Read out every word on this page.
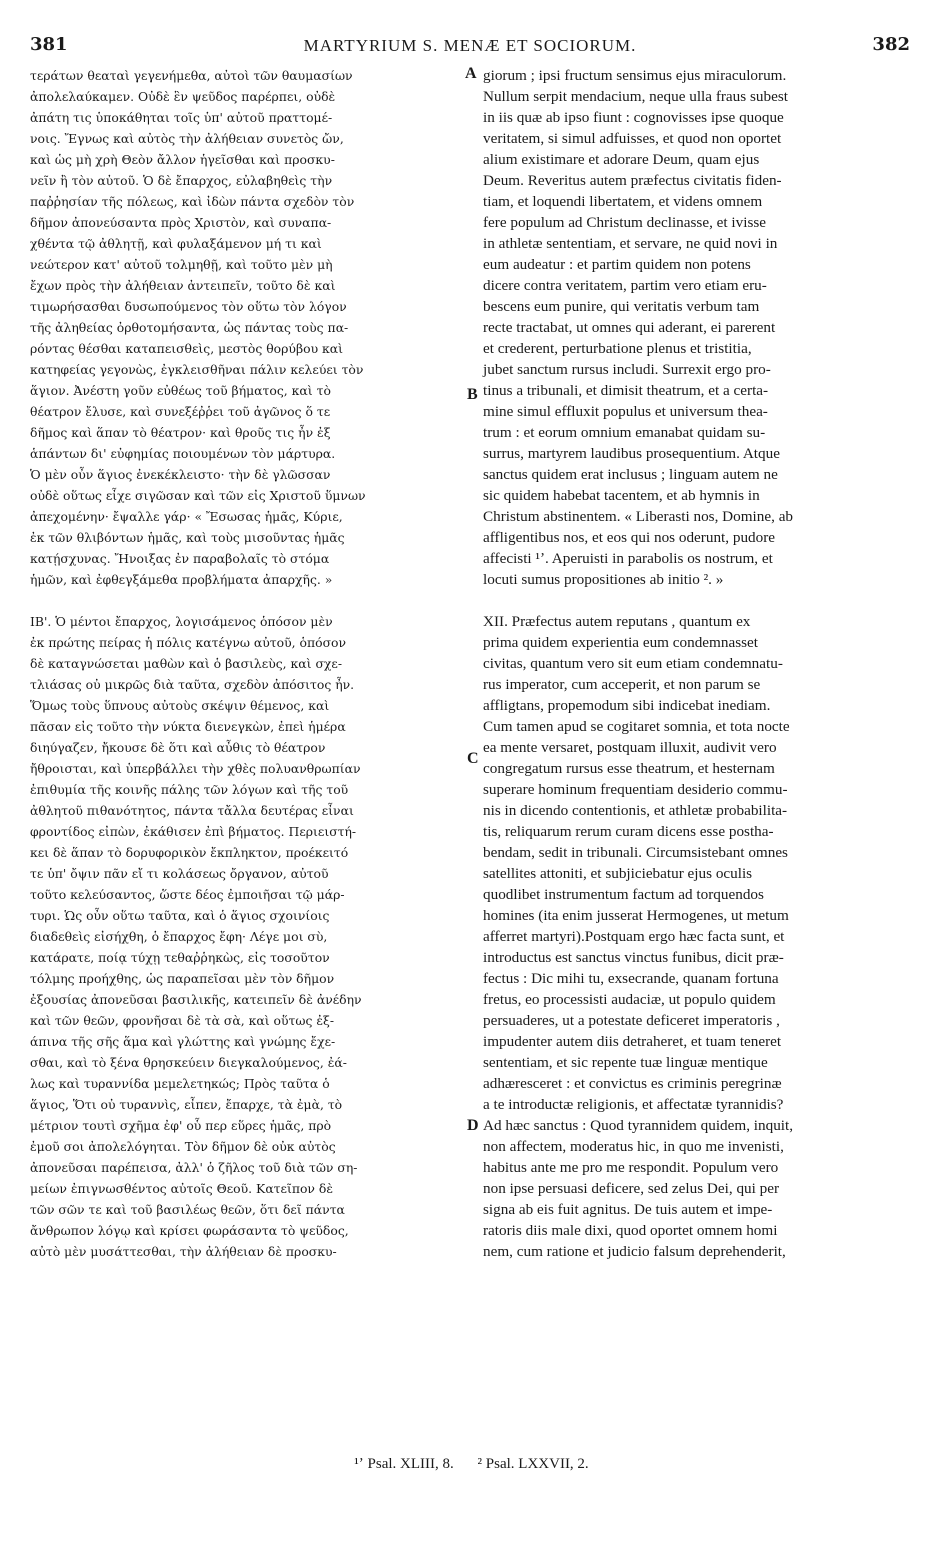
381	MARTYRIUM S. MENÆ ET SOCIORUM.	382
τεράτων θεαταὶ γεγενήμεθα, αὐτοὶ τῶν θαυμασίων
ἀπολελαύκαμεν. Οὐδὲ ἓν ψεῦδος παρέρπει, οὐδὲ
ἀπάτη τις ὑποκάθηται τοῖς ὑπ' αὐτοῦ πραττομέ-
νοις. Ἔγνως καὶ αὐτὸς τὴν ἀλήθειαν συνετὸς ὤν,
καὶ ὡς μὴ χρὴ Θεὸν ἄλλον ἡγεῖσθαι καὶ προσκυ-
νεῖν ἢ τὸν αὐτοῦ. Ὁ δὲ ἔπαρχος, εὐλαβηθεὶς τὴν
παῤῥησίαν τῆς πόλεως, καὶ ἰδὼν πάντα σχεδὸν τὸν
δῆμον ἀπονεύσαντα πρὸς Χριστὸν, καὶ συναπα-
χθέντα τῷ ἀθλητῇ, καὶ φυλαξάμενον μή τι καὶ
νεώτερον κατ' αὐτοῦ τολμηθῇ, καὶ τοῦτο μὲν μὴ
ἔχων πρὸς τὴν ἀλήθειαν ἀντειπεῖν, τοῦτο δὲ καὶ
τιμωρήσασθαι δυσωπούμενος τὸν οὕτω τὸν λόγον
τῆς ἀληθείας ὀρθοτομήσαντα, ὡς πάντας τοὺς πα-
ρόντας θέσθαι καταπεισθεὶς, μεστὸς θορύβου καὶ
κατηφείας γεγονὼς, ἐγκλεισθῆναι πάλιν κελεύει τὸν
ἅγιον. Ἀνέστη γοῦν εὐθέως τοῦ βήματος, καὶ τὸ
θέατρον ἔλυσε, καὶ συνεξέῤῥει τοῦ ἀγῶνος ὅ τε
δῆμος καὶ ἅπαν τὸ θέατρον· καὶ θροῦς τις ἦν ἐξ
ἁπάντων δι' εὐφημίας ποιουμένων τὸν μάρτυρα.
Ὁ μὲν οὖν ἅγιος ἐνεκέκλειστο· τὴν δὲ γλῶσσαν
οὐδὲ οὕτως εἶχε σιγῶσαν καὶ τῶν εἰς Χριστοῦ ὕμνων
ἀπεχομένην· ἔψαλλε γάρ· « Ἔσωσας ἡμᾶς, Κύριε,
ἐκ τῶν θλιβόντων ἡμᾶς, καὶ τοὺς μισοῦντας ἡμᾶς
κατῄσχυνας. Ἤνοιξας ἐν παραβολαῖς τὸ στόμα
ἡμῶν, καὶ ἐφθεγξάμεθα προβλήματα ἀπαρχῆς. »
ΙΒ'. Ὁ μέντοι ἔπαρχος, λογισάμενος ὁπόσον μὲν
ἐκ πρώτης πείρας ἡ πόλις κατέγνω αὐτοῦ, ὁπόσον
δὲ καταγνώσεται μαθὼν καὶ ὁ βασιλεὺς, καὶ σχε-
τλιάσας οὐ μικρῶς διὰ ταῦτα, σχεδὸν ἀπόσιτος ἦν.
Ὅμως τοὺς ὕπνους αὐτοὺς σκέψιν θέμενος, καὶ
πᾶσαν εἰς τοῦτο τὴν νύκτα διενεγκὼν, ἐπεὶ ἡμέρα
διηύγαζεν, ἤκουσε δὲ ὅτι καὶ αὖθις τὸ θέατρον
ἤθροισται, καὶ ὑπερβάλλει τὴν χθὲς πολυανθρωπίαν
ἐπιθυμία τῆς κοινῆς πάλης τῶν λόγων καὶ τῆς τοῦ
ἀθλητοῦ πιθανότητος, πάντα τἄλλα δευτέρας εἶναι
φροντίδος εἰπὼν, ἐκάθισεν ἐπὶ βήματος. Περιειστή-
κει δὲ ἅπαν τὸ δορυφορικὸν ἔκπληκτον, προέκειτό
τε ὑπ' ὄψιν πᾶν εἴ τι κολάσεως ὄργανον, αὐτοῦ
τοῦτο κελεύσαντος, ὥστε δέος ἐμποιῆσαι τῷ μάρ-
τυρι. Ὡς οὖν οὕτω ταῦτα, καὶ ὁ ἅγιος σχοινίοις
διαδεθεὶς εἰσήχθη, ὁ ἔπαρχος ἔφη· Λέγε μοι σὺ,
κατάρατε, ποίᾳ τύχῃ τεθαῤῥηκὼς, εἰς τοσοῦτον
τόλμης προήχθης, ὡς παραπεῖσαι μὲν τὸν δῆμον
ἐξουσίας ἀπονεῦσαι βασιλικῆς, κατειπεῖν δὲ ἀνέδην
καὶ τῶν θεῶν, φρονῆσαι δὲ τὰ σὰ, καὶ οὕτως ἐξ-
άπινα τῆς σῆς ἅμα καὶ γλώττης καὶ γνώμης ἔχε-
σθαι, καὶ τὸ ξένα θρησκεύειν διεγκαλούμενος, ἐά-
λως καὶ τυραννίδα μεμελετηκώς; Πρὸς ταῦτα ὁ
ἅγιος, Ὅτι οὐ τυραννὶς, εἶπεν, ἔπαρχε, τὰ ἐμὰ, τὸ
μέτριον τουτὶ σχῆμα ἐφ' οὗ περ εὕρες ἡμᾶς, πρὸ
ἐμοῦ σοι ἀπολελόγηται. Τὸν δῆμον δὲ οὐκ αὐτὸς
ἀπονεῦσαι παρέπεισα, ἀλλ' ὁ ζῆλος τοῦ διὰ τῶν ση-
μείων ἐπιγνωσθέντος αὐτοῖς Θεοῦ. Κατεῖπον δὲ
τῶν σῶν τε καὶ τοῦ βασιλέως θεῶν, ὅτι δεῖ πάντα
ἄνθρωπον λόγῳ καὶ κρίσει φωράσαντα τὸ ψεῦδος,
αὐτὸ μὲν μυσάττεσθαι, τὴν ἀλήθειαν δὲ προσκυ-
giorum ; ipsi fructum sensimus ejus miraculorum.
Nullum serpit mendacium, neque ulla fraus subest
in iis quæ ab ipso fiunt : cognovisses ipse quoque
veritatem, si simul adfuisses, et quod non oportet
alium existimare et adorare Deum, quam ejus
Deum. Reveritus autem præfectus civitatis fiden-
tiam, et loquendi libertatem, et videns omnem
fere populum ad Christum declinasse, et ivisse
in athletæ sententiam, et servare, ne quid novi in
eum audeatur : et partim quidem non potens
dicere contra veritatem, partim vero etiam eru-
bescens eum punire, qui veritatis verbum tam
recte tractabat, ut omnes qui aderant, ei parerent
et crederent, perturbatione plenus et tristitia,
jubet sanctum rursus includi. Surrexit ergo pro-
tinus a tribunali, et dimisit theatrum, et a certa-
mine simul effluxit populus et universum thea-
trum : et eorum omnium emanabat quidam su-
surrus, martyrem laudibus prosequentium. Atque
sanctus quidem erat inclusus ; linguam autem ne
sic quidem habebat tacentem, et ab hymnis in
Christum abstinentem. « Liberasti nos, Domine, ab
affligentibus nos, et eos qui nos oderunt, pudore
affecisti ¹ʼ. Aperuisti in parabolis os nostrum, et
locuti sumus propositiones ab initio ². »
XII. Præfectus autem reputans , quantum ex
prima quidem experientia eum condemnasset
civitas, quantum vero sit eum etiam condemnatu-
rus imperator, cum acceperit, et non parum se
affligtans, propemodum sibi indicebat inediam.
Cum tamen apud se cogitaret somnia, et tota nocte
ea mente versaret, postquam illuxit, audivit vero
congregatum rursus esse theatrum, et hesternam
superare hominum frequentiam desiderio commu-
nis in dicendo contentionis, et athletæ probabilita-
tis, reliquarum rerum curam dicens esse postha-
bendam, sedit in tribunali. Circumsistebant omnes
satellites attoniti, et subjiciebatur ejus oculis
quodlibet instrumentum factum ad torquendos
homines (ita enim jusserat Hermogenes, ut metum
afferret martyri).Postquam ergo hæc facta sunt, et
introductus est sanctus vinctus funibus, dicit præ-
fectus : Dic mihi tu, exsecrande, quanam fortuna
fretus, eo processisti audaciæ, ut populo quidem
persuaderes, ut a potestate deficeret imperatoris ,
impudenter autem diis detraheret, et tuam teneret
sententiam, et sic repente tuæ linguæ mentique
adhæresceret : et convictus es criminis peregrinæ
a te introductæ religionis, et affectatæ tyrannidis?
Ad hæc sanctus : Quod tyrannidem quidem, inquit,
non affectem, moderatus hic, in quo me invenisti,
habitus ante me pro me respondit. Populum vero
non ipse persuasi deficere, sed zelus Dei, qui per
signa ab eis fuit agnitus. De tuis autem et impe-
ratoris diis male dixi, quod oportet omnem homi
nem, cum ratione et judicio falsum deprehenderit,
A
B
C
D
¹ʼ Psal. XLIII, 8. ² Psal. LXXVII, 2.
